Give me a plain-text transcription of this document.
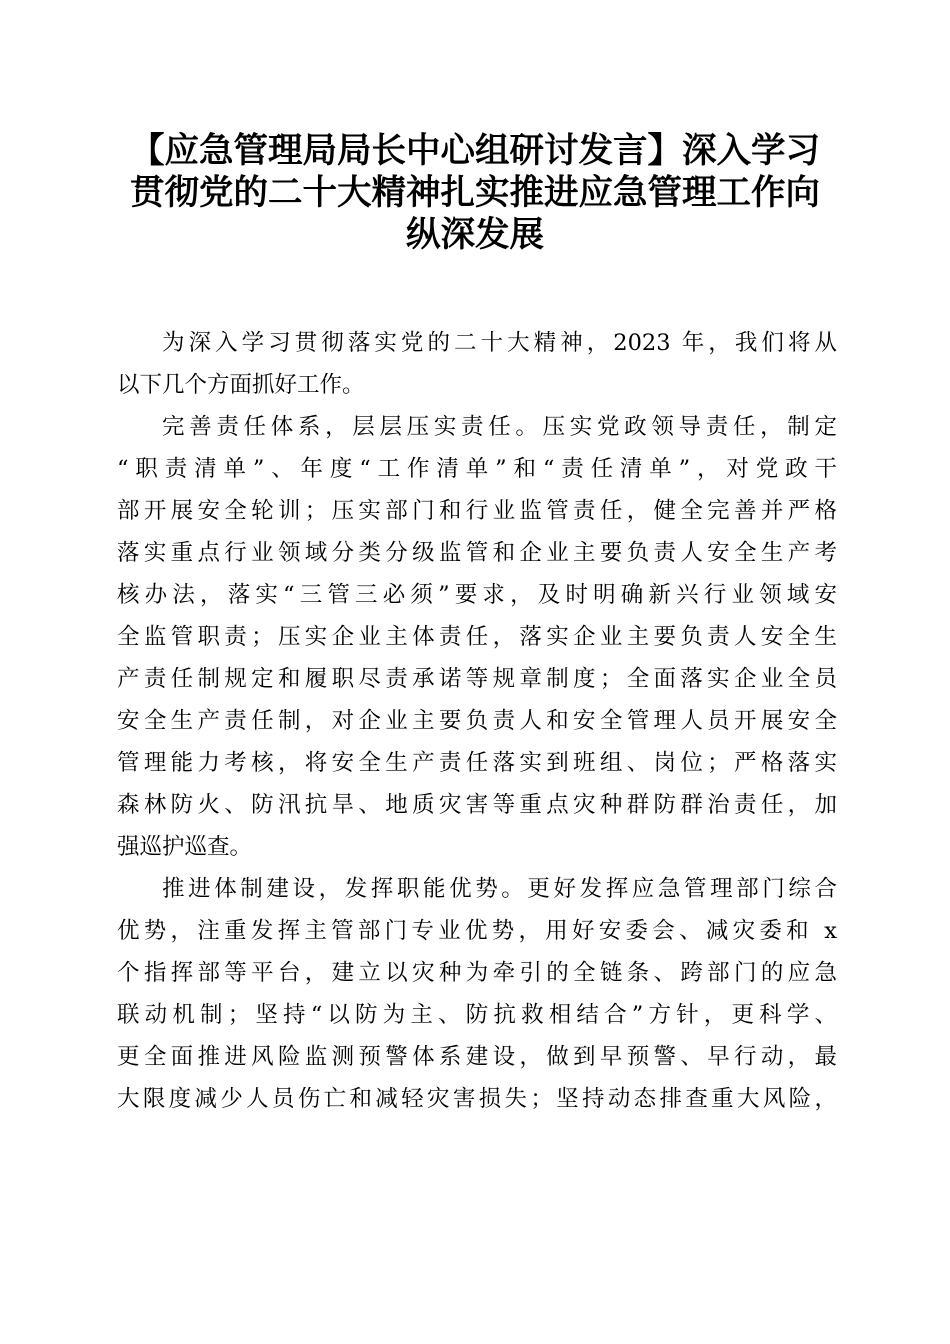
【应急管理局局长中心组研讨发言】深入学习
贯彻党的二十大精神扎实推进应急管理工作向
纵深发展
为深入学习贯彻落实党的二十大精神，2023 年，我们将从
以下几个方面抓好工作。
完善责任体系，层层压实责任。压实党政领导责任，制定
“职责清单”、年度“工作清单”和“责任清单”，对党政干
部开展安全轮训；压实部门和行业监管责任，健全完善并严格
落实重点行业领域分类分级监管和企业主要负责人安全生产考
核办法，落实“三管三必须”要求，及时明确新兴行业领域安
全监管职责；压实企业主体责任，落实企业主要负责人安全生
产责任制规定和履职尽责承诺等规章制度；全面落实企业全员
安全生产责任制，对企业主要负责人和安全管理人员开展安全
管理能力考核，将安全生产责任落实到班组、岗位；严格落实
森林防火、防汛抗旱、地质灾害等重点灾种群防群治责任，加
强巡护巡查。
推进体制建设，发挥职能优势。更好发挥应急管理部门综合
优势，注重发挥主管部门专业优势，用好安委会、减灾委和 x
个指挥部等平台，建立以灾种为牵引的全链条、跨部门的应急
联动机制；坚持“以防为主、防抗救相结合”方针，更科学、
更全面推进风险监测预警体系建设，做到早预警、早行动，最
大限度减少人员伤亡和减轻灾害损失；坚持动态排查重大风险，
